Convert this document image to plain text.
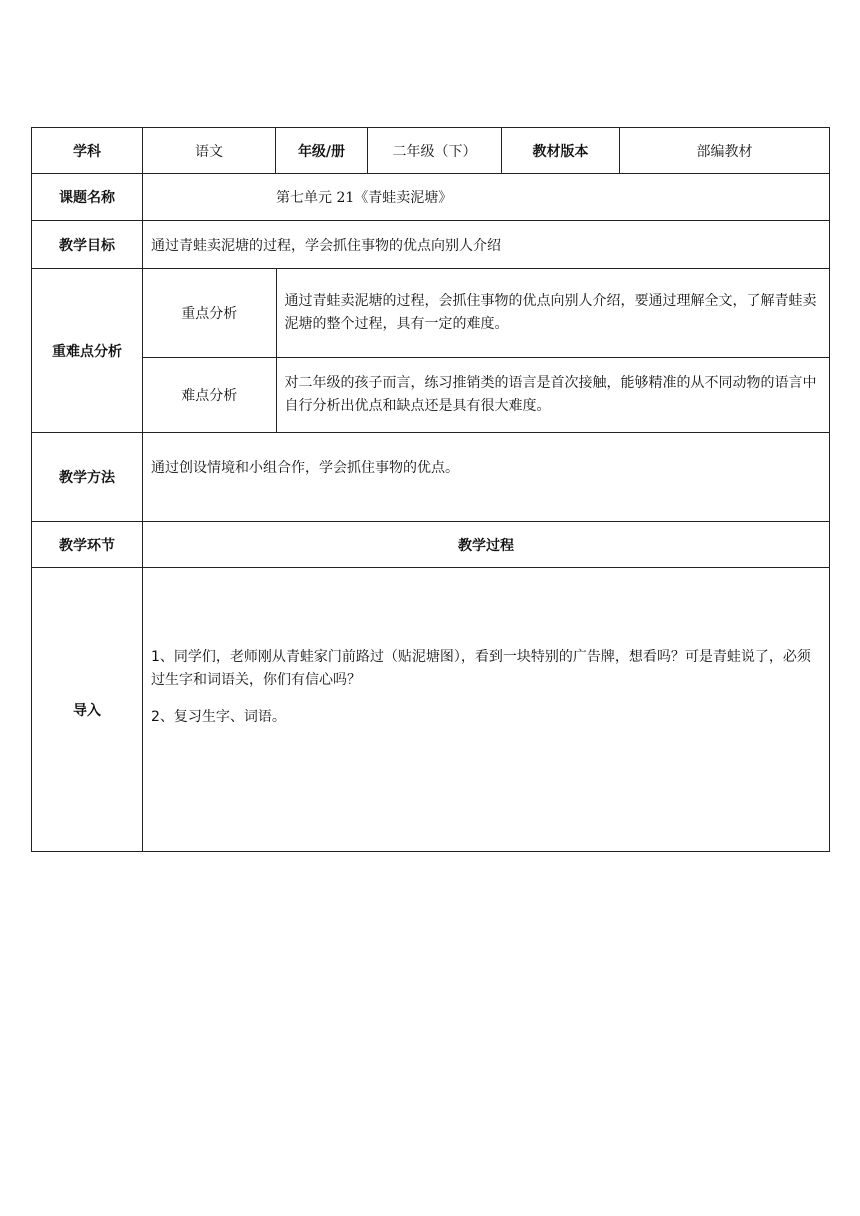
学科	语文	年级/册	二年级（下）	教材版本	部编教材
课题名称	第七单元 21《青蛙卖泥塘》
教学目标	通过青蛙卖泥塘的过程，学会抓住事物的优点向别人介绍
重难点分析	
重点分析	通过青蛙卖泥塘的过程，会抓住事物的优点向别人介绍，要通过理解全文，了解青蛙卖泥塘的整个过程，具有一定的难度。
难点分析	对二年级的孩子而言，练习推销类的语言是首次接触，能够精准的从不同动物的语言中自行分析出优点和缺点还是具有很大难度。

教学方法	通过创设情境和小组合作，学会抓住事物的优点。
教学环节	教学过程
导入	
1、同学们，老师刚从青蛙家门前路过（贴泥塘图），看到一块特别的广告牌，想看吗？可是青蛙说了，必须过生字和词语关，你们有信心吗？
2、复习生字、词语。
